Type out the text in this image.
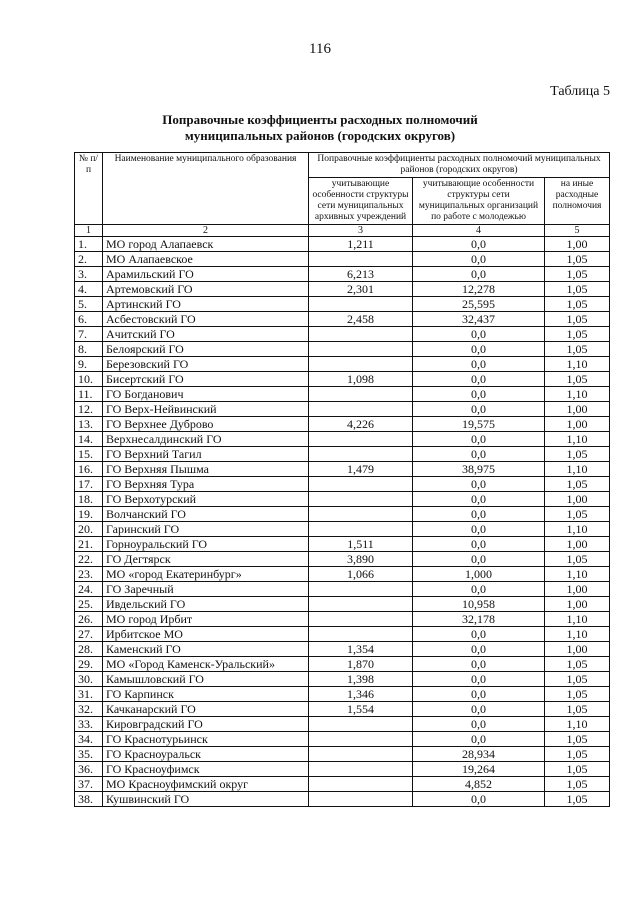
116
Таблица 5
Поправочные коэффициенты расходных полномочий
муниципальных районов (городских округов)
№ п/п	Наименование муниципального образования	Поправочные коэффициенты расходных полномочий муниципальных районов (городских округов)		
		учитывающие особенности структуры сети муниципальных архивных учреждений	учитывающие особенности структуры сети муниципальных организаций по работе с молодежью	на иные расходные полномочия
1	2	3	4	5
1.	МО город Алапаевск	1,211	0,0	1,00
2.	МО Алапаевское		0,0	1,05
3.	Арамильский ГО	6,213	0,0	1,05
4.	Артемовский ГО	2,301	12,278	1,05
5.	Артинский ГО		25,595	1,05
6.	Асбестовский ГО	2,458	32,437	1,05
7.	Ачитский ГО		0,0	1,05
8.	Белоярский ГО		0,0	1,05
9.	Березовский ГО		0,0	1,10
10.	Бисертский ГО	1,098	0,0	1,05
11.	ГО Богданович		0,0	1,10
12.	ГО Верх-Нейвинский		0,0	1,00
13.	ГО Верхнее Дуброво	4,226	19,575	1,00
14.	Верхнесалдинский ГО		0,0	1,10
15.	ГО Верхний Тагил		0,0	1,05
16.	ГО Верхняя Пышма	1,479	38,975	1,10
17.	ГО Верхняя Тура		0,0	1,05
18.	ГО Верхотурский		0,0	1,00
19.	Волчанский ГО		0,0	1,05
20.	Гаринский ГО		0,0	1,10
21.	Горноуральский ГО	1,511	0,0	1,00
22.	ГО Дегтярск	3,890	0,0	1,05
23.	МО «город Екатеринбург»	1,066	1,000	1,10
24.	ГО Заречный		0,0	1,00
25.	Ивдельский ГО		10,958	1,00
26.	МО город Ирбит		32,178	1,10
27.	Ирбитское МО		0,0	1,10
28.	Каменский ГО	1,354	0,0	1,00
29.	МО «Город Каменск-Уральский»	1,870	0,0	1,05
30.	Камышловский ГО	1,398	0,0	1,05
31.	ГО Карпинск	1,346	0,0	1,05
32.	Качканарский ГО	1,554	0,0	1,05
33.	Кировградский ГО		0,0	1,10
34.	ГО Краснотурьинск		0,0	1,05
35.	ГО Красноуральск		28,934	1,05
36.	ГО Красноуфимск		19,264	1,05
37.	МО Красноуфимский округ		4,852	1,05
38.	Кушвинский ГО		0,0	1,05
